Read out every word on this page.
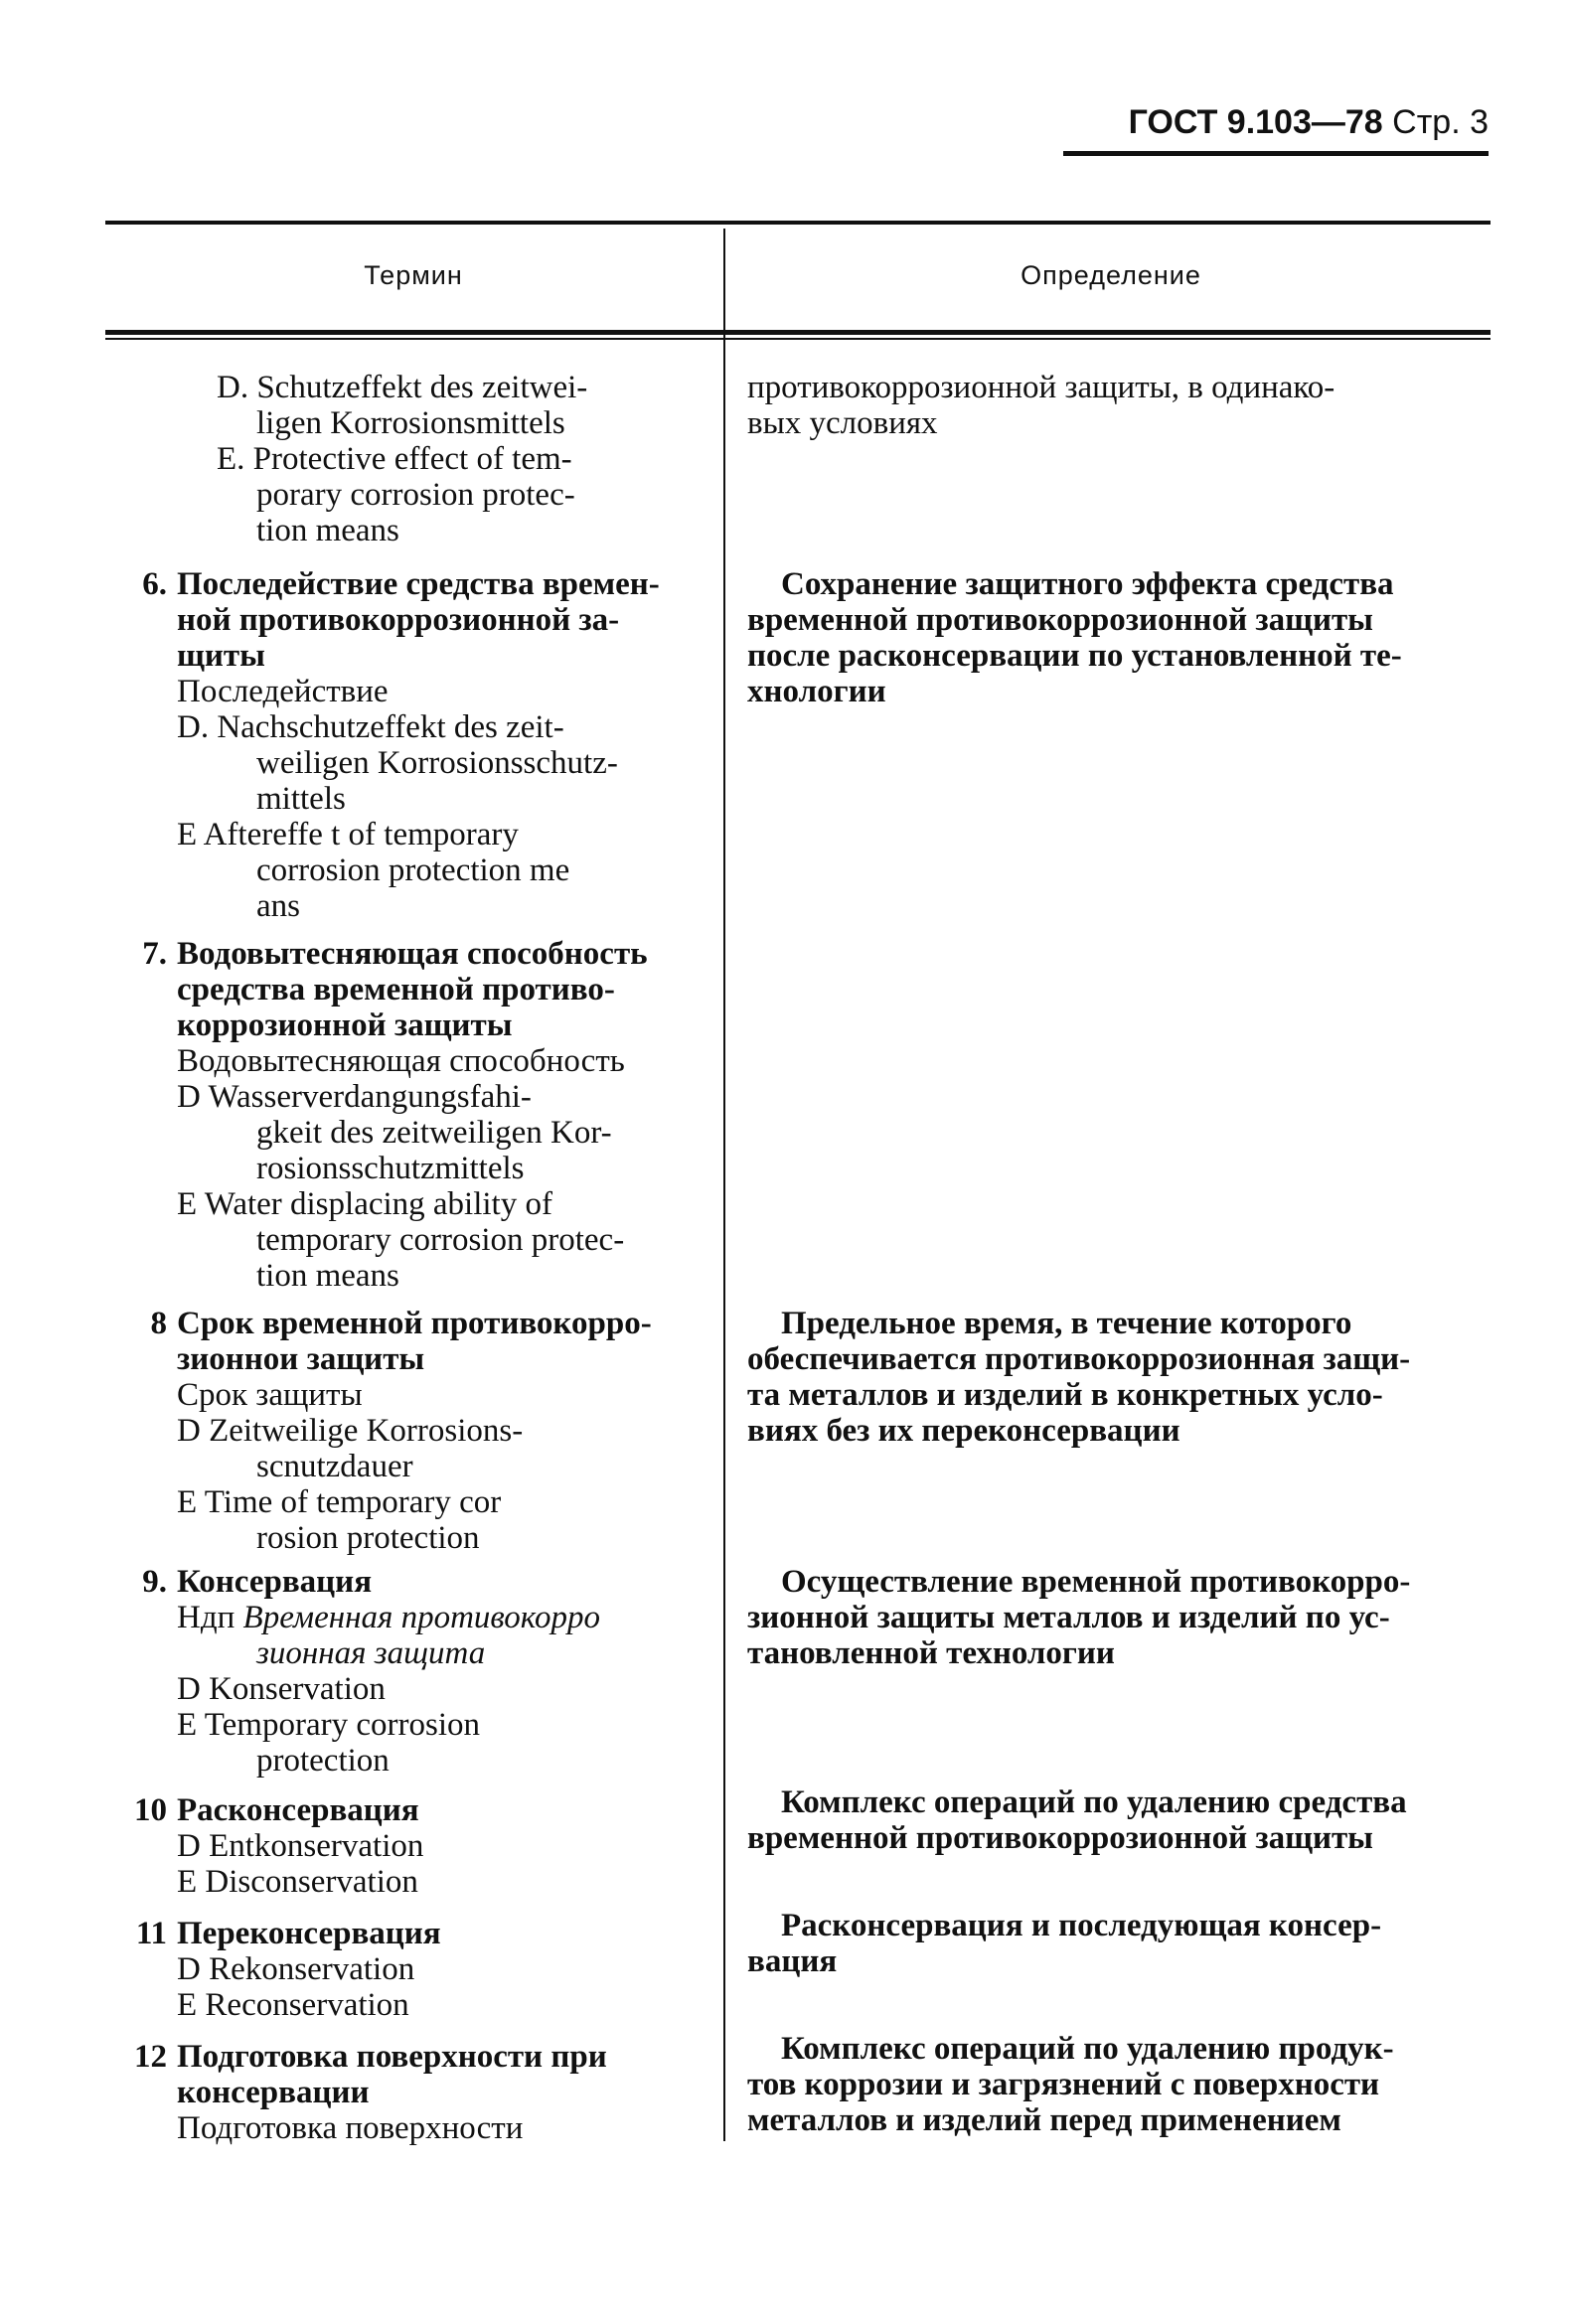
ГОСТ 9.103—78 Стр. 3
Термин	Определение
D. Schutzeffekt des zeitwei-
ligen Korrosionsmittels
E. Protective effect of tem-
porary corrosion protec-
tion means
противокоррозионной защиты, в одинако-
вых условиях
6. Последействие средства времен-
ной противокоррозионной за-
щиты
Последействие
D. Nachschutzeffekt des zeit-
weiligen Korrosionsschutz-
mittels
E Aftereffe t of temporary
corrosion protection me
ans
Сохранение защитного эффекта средства
временной противокоррозионной защиты
после расконсервации по установленной те-
хнологии
7. Водовытесняющая способность
средства временной противо-
коррозионной защиты
Водовытесняющая способность
D Wasserverdangungsfahi-
gkeit des zeitweiligen Kor-
rosionsschutzmittels
E Water displacing ability of
temporary corrosion protec-
tion means
8 Срок временной противокорро-
зионнои защиты
Срок защиты
D Zeitweilige Korrosions-
scnutzdauer
E Time of temporary cor
rosion protection
Предельное время, в течение которого
обеспечивается противокоррозионная защи-
та металлов и изделий в конкретных усло-
виях без их переконсервации
9. Консервация
Ндп Временная противокорро
зионная защита
D Konservation
E Temporary corrosion
protection
Осуществление временной противокорро-
зионной защиты металлов и изделий по ус-
тановленной технологии
10 Расконсервация
D Entkonservation
E Disconservation
Комплекс операций по удалению средства
временной противокоррозионной защиты
11 Переконсервация
D Rekonservation
E Reconservation
Расконсервация и последующая консер-
вация
12 Подготовка поверхности при
консервации
Подготовка поверхности
Комплекс операций по удалению продук-
тов коррозии и загрязнений с поверхности
металлов и изделий перед применением
